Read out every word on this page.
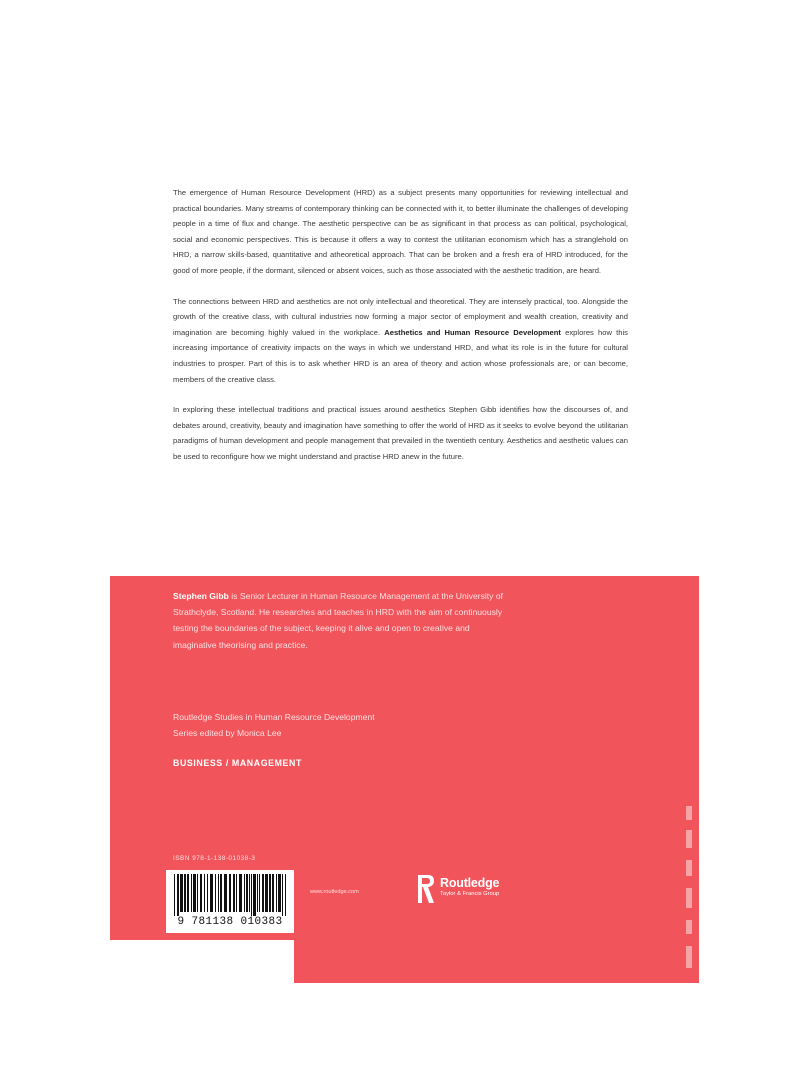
The emergence of Human Resource Development (HRD) as a subject presents many opportunities for reviewing intellectual and practical boundaries. Many streams of contemporary thinking can be connected with it, to better illuminate the challenges of developing people in a time of flux and change. The aesthetic perspective can be as significant in that process as can political, psychological, social and economic perspectives. This is because it offers a way to contest the utilitarian economism which has a stranglehold on HRD, a narrow skills-based, quantitative and atheoretical approach. That can be broken and a fresh era of HRD introduced, for the good of more people, if the dormant, silenced or absent voices, such as those associated with the aesthetic tradition, are heard.

The connections between HRD and aesthetics are not only intellectual and theoretical. They are intensely practical, too. Alongside the growth of the creative class, with cultural industries now forming a major sector of employment and wealth creation, creativity and imagination are becoming highly valued in the workplace. Aesthetics and Human Resource Development explores how this increasing importance of creativity impacts on the ways in which we understand HRD, and what its role is in the future for cultural industries to prosper. Part of this is to ask whether HRD is an area of theory and action whose professionals are, or can become, members of the creative class.

In exploring these intellectual traditions and practical issues around aesthetics Stephen Gibb identifies how the discourses of, and debates around, creativity, beauty and imagination have something to offer the world of HRD as it seeks to evolve beyond the utilitarian paradigms of human development and people management that prevailed in the twentieth century. Aesthetics and aesthetic values can be used to reconfigure how we might understand and practise HRD anew in the future.

Stephen Gibb is Senior Lecturer in Human Resource Management at the University of Strathclyde, Scotland. He researches and teaches in HRD with the aim of continuously testing the boundaries of the subject, keeping it alive and open to creative and imaginative theorising and practice.
Routledge Studies in Human Resource Development
Series edited by Monica Lee
BUSINESS / MANAGEMENT
ISBN 978-1-138-01038-3
9 781138 010383
www.routledge.com
Routledge
Taylor & Francis Group
